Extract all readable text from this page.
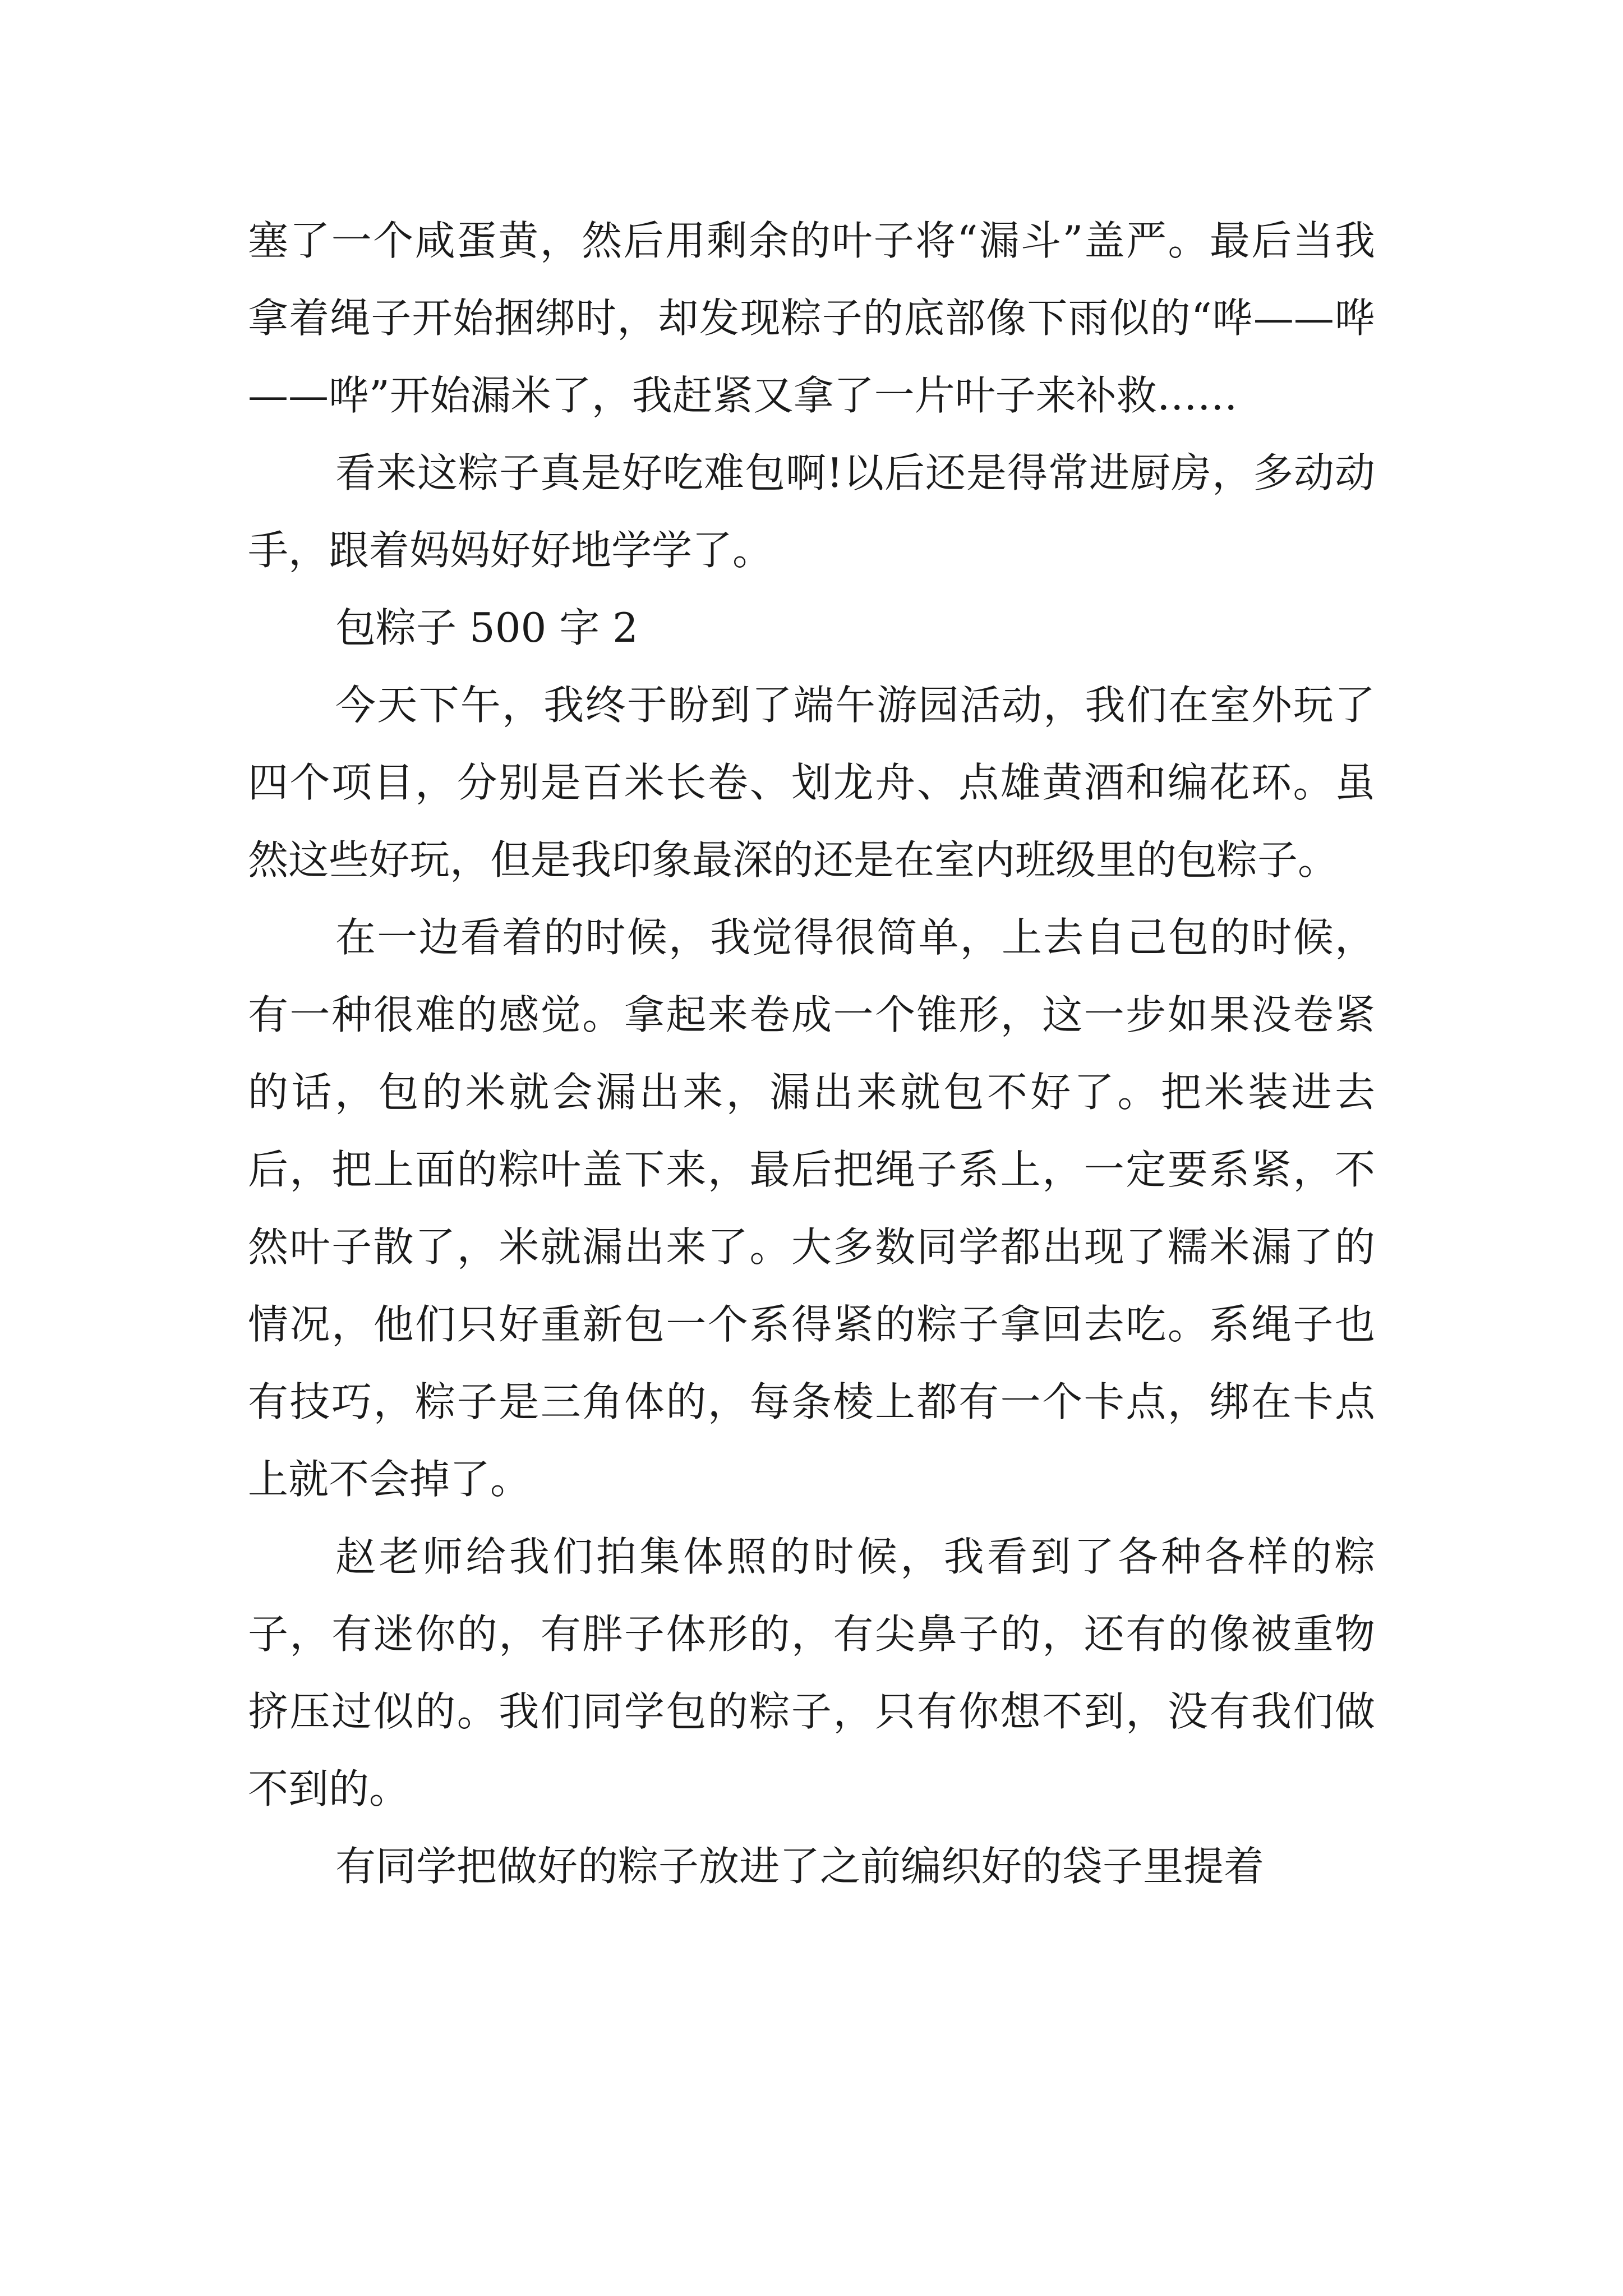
塞了一个咸蛋黄，然后用剩余的叶子将“漏斗”盖严。最后当我拿着绳子开始捆绑时，却发现粽子的底部像下雨似的“哗——哗——哗”开始漏米了，我赶紧又拿了一片叶子来补救……

看来这粽子真是好吃难包啊!以后还是得常进厨房，多动动手，跟着妈妈好好地学学了。

包粽子 500 字 2

今天下午，我终于盼到了端午游园活动，我们在室外玩了四个项目，分别是百米长卷、划龙舟、点雄黄酒和编花环。虽然这些好玩，但是我印象最深的还是在室内班级里的包粽子。

在一边看着的时候，我觉得很简单，上去自己包的时候，有一种很难的感觉。拿起来卷成一个锥形，这一步如果没卷紧的话，包的米就会漏出来，漏出来就包不好了。把米装进去后，把上面的粽叶盖下来，最后把绳子系上，一定要系紧，不然叶子散了，米就漏出来了。大多数同学都出现了糯米漏了的情况，他们只好重新包一个系得紧的粽子拿回去吃。系绳子也有技巧，粽子是三角体的，每条棱上都有一个卡点，绑在卡点上就不会掉了。

赵老师给我们拍集体照的时候，我看到了各种各样的粽子，有迷你的，有胖子体形的，有尖鼻子的，还有的像被重物挤压过似的。我们同学包的粽子，只有你想不到，没有我们做不到的。

有同学把做好的粽子放进了之前编织好的袋子里提着
